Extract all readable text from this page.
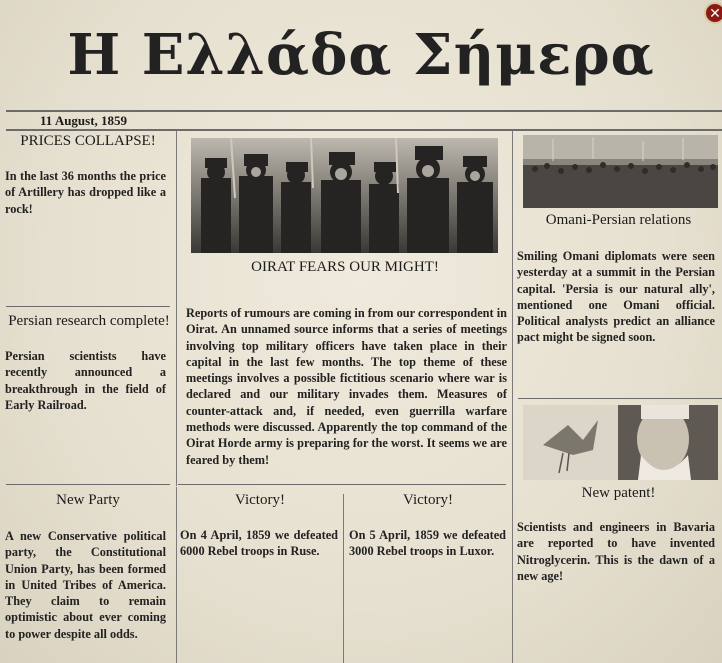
Η Ελλάδα Σήμερα
✕
11 August, 1859
PRICES COLLAPSE!
In the last 36 months the price of Artillery has dropped like a rock!
Persian research complete!
Persian scientists have recently announced a breakthrough in the field of Early Railroad.
New Party
A new Conservative political party, the Constitutional Union Party, has been formed in United Tribes of America. They claim to remain optimistic about ever coming to power despite all odds.
OIRAT FEARS OUR MIGHT!
Reports of rumours are coming in from our correspondent in Oirat. An unnamed source informs that a series of meetings involving top military officers have taken place in their capital in the last few months. The top theme of these meetings involves a possible fictitious scenario where war is declared and our military invades them. Measures of counter-attack and, if needed, even guerrilla warfare methods were discussed. Apparently the top command of the Oirat Horde army is preparing for the worst. It seems we are feared by them!
Victory!
On 4 April, 1859 we defeated 6000 Rebel troops in Ruse.
Victory!
On 5 April, 1859 we defeated 3000 Rebel troops in Luxor.
Omani-Persian relations
Smiling Omani diplomats were seen yesterday at a summit in the Persian capital. 'Persia is our natural ally', mentioned one Omani official. Political analysts predict an alliance pact might be signed soon.
New patent!
Scientists and engineers in Bavaria are reported to have invented Nitroglycerin. This is the dawn of a new age!
